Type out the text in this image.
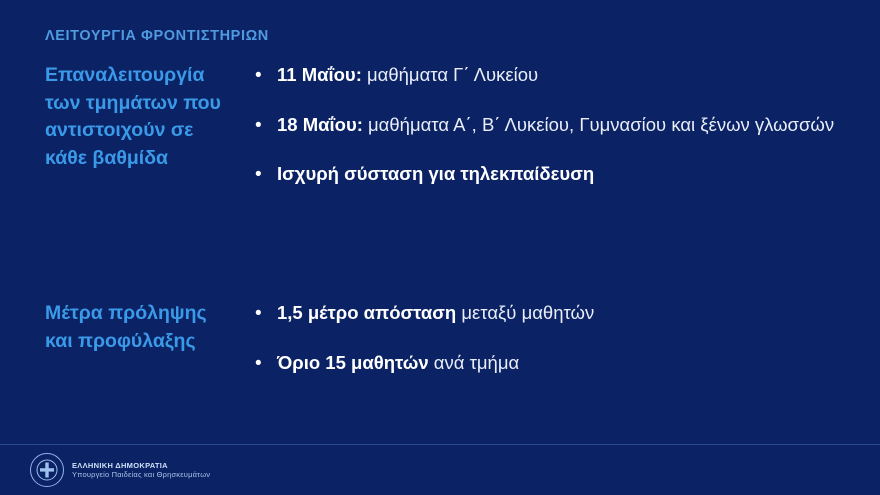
ΛΕΙΤΟΥΡΓΙΑ ΦΡΟΝΤΙΣΤΗΡΙΩΝ
Επαναλειτουργία των τμημάτων που αντιστοιχούν σε κάθε βαθμίδα
• 11 Μαΐου: μαθήματα Γ΄ Λυκείου
• 18 Μαΐου: μαθήματα Α΄, Β΄ Λυκείου, Γυμνασίου και ξένων γλωσσών
• Ισχυρή σύσταση για τηλεκπαίδευση
Μέτρα πρόληψης και προφύλαξης
• 1,5 μέτρο απόσταση μεταξύ μαθητών
• Όριο 15 μαθητών ανά τμήμα
ΕΛΛΗΝΙΚΗ ΔΗΜΟΚΡΑΤΙΑ
Υπουργείο Παιδείας και Θρησκευμάτων
